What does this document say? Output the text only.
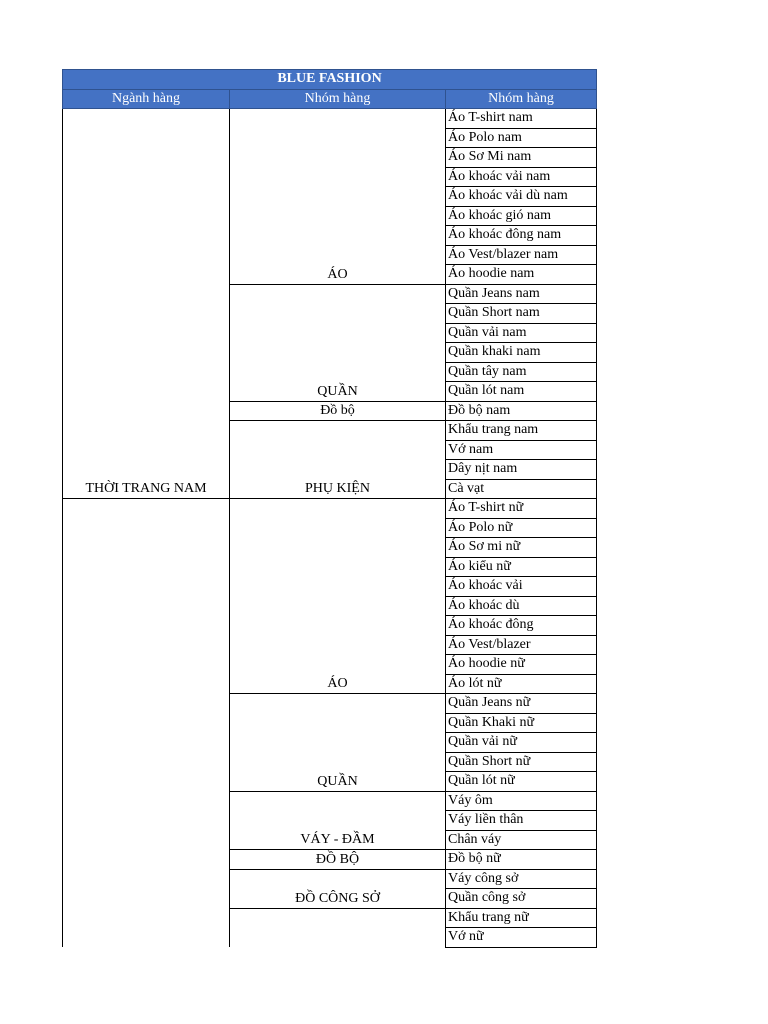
BLUE FASHION		
Ngành hàng	Nhóm hàng	Nhóm hàng
THỜI TRANG NAM	ÁO	Áo T-shirt nam
		Áo Polo nam
		Áo Sơ Mi nam
		Áo khoác vải nam
		Áo khoác vải dù nam
		Áo khoác gió nam
		Áo khoác đông nam
		Áo Vest/blazer nam
		Áo hoodie nam
	QUẦN	Quần Jeans nam
		Quần Short nam
		Quần vải nam
		Quần khaki nam
		Quần tây nam
		Quần lót nam
	Đồ bộ	Đồ bộ nam
	PHỤ KIỆN	Khẩu trang nam
		Vớ nam
		Dây nịt nam
		Cà vạt
	ÁO	Áo T-shirt nữ
		Áo Polo nữ
		Áo Sơ mi nữ
		Áo kiểu nữ
		Áo khoác vải
		Áo khoác dù
		Áo khoác đông
		Áo Vest/blazer
		Áo hoodie nữ
		Áo lót nữ
	QUẦN	Quần Jeans nữ
		Quần Khaki nữ
		Quần vải nữ
		Quần Short nữ
		Quần lót nữ
	VÁY - ĐẦM	Váy ôm
		Váy liền thân
		Chân váy
	ĐỒ BỘ	Đồ bộ nữ
	ĐỒ CÔNG SỞ	Váy công sở
		Quần công sở
		Khẩu trang nữ
		Vớ nữ
